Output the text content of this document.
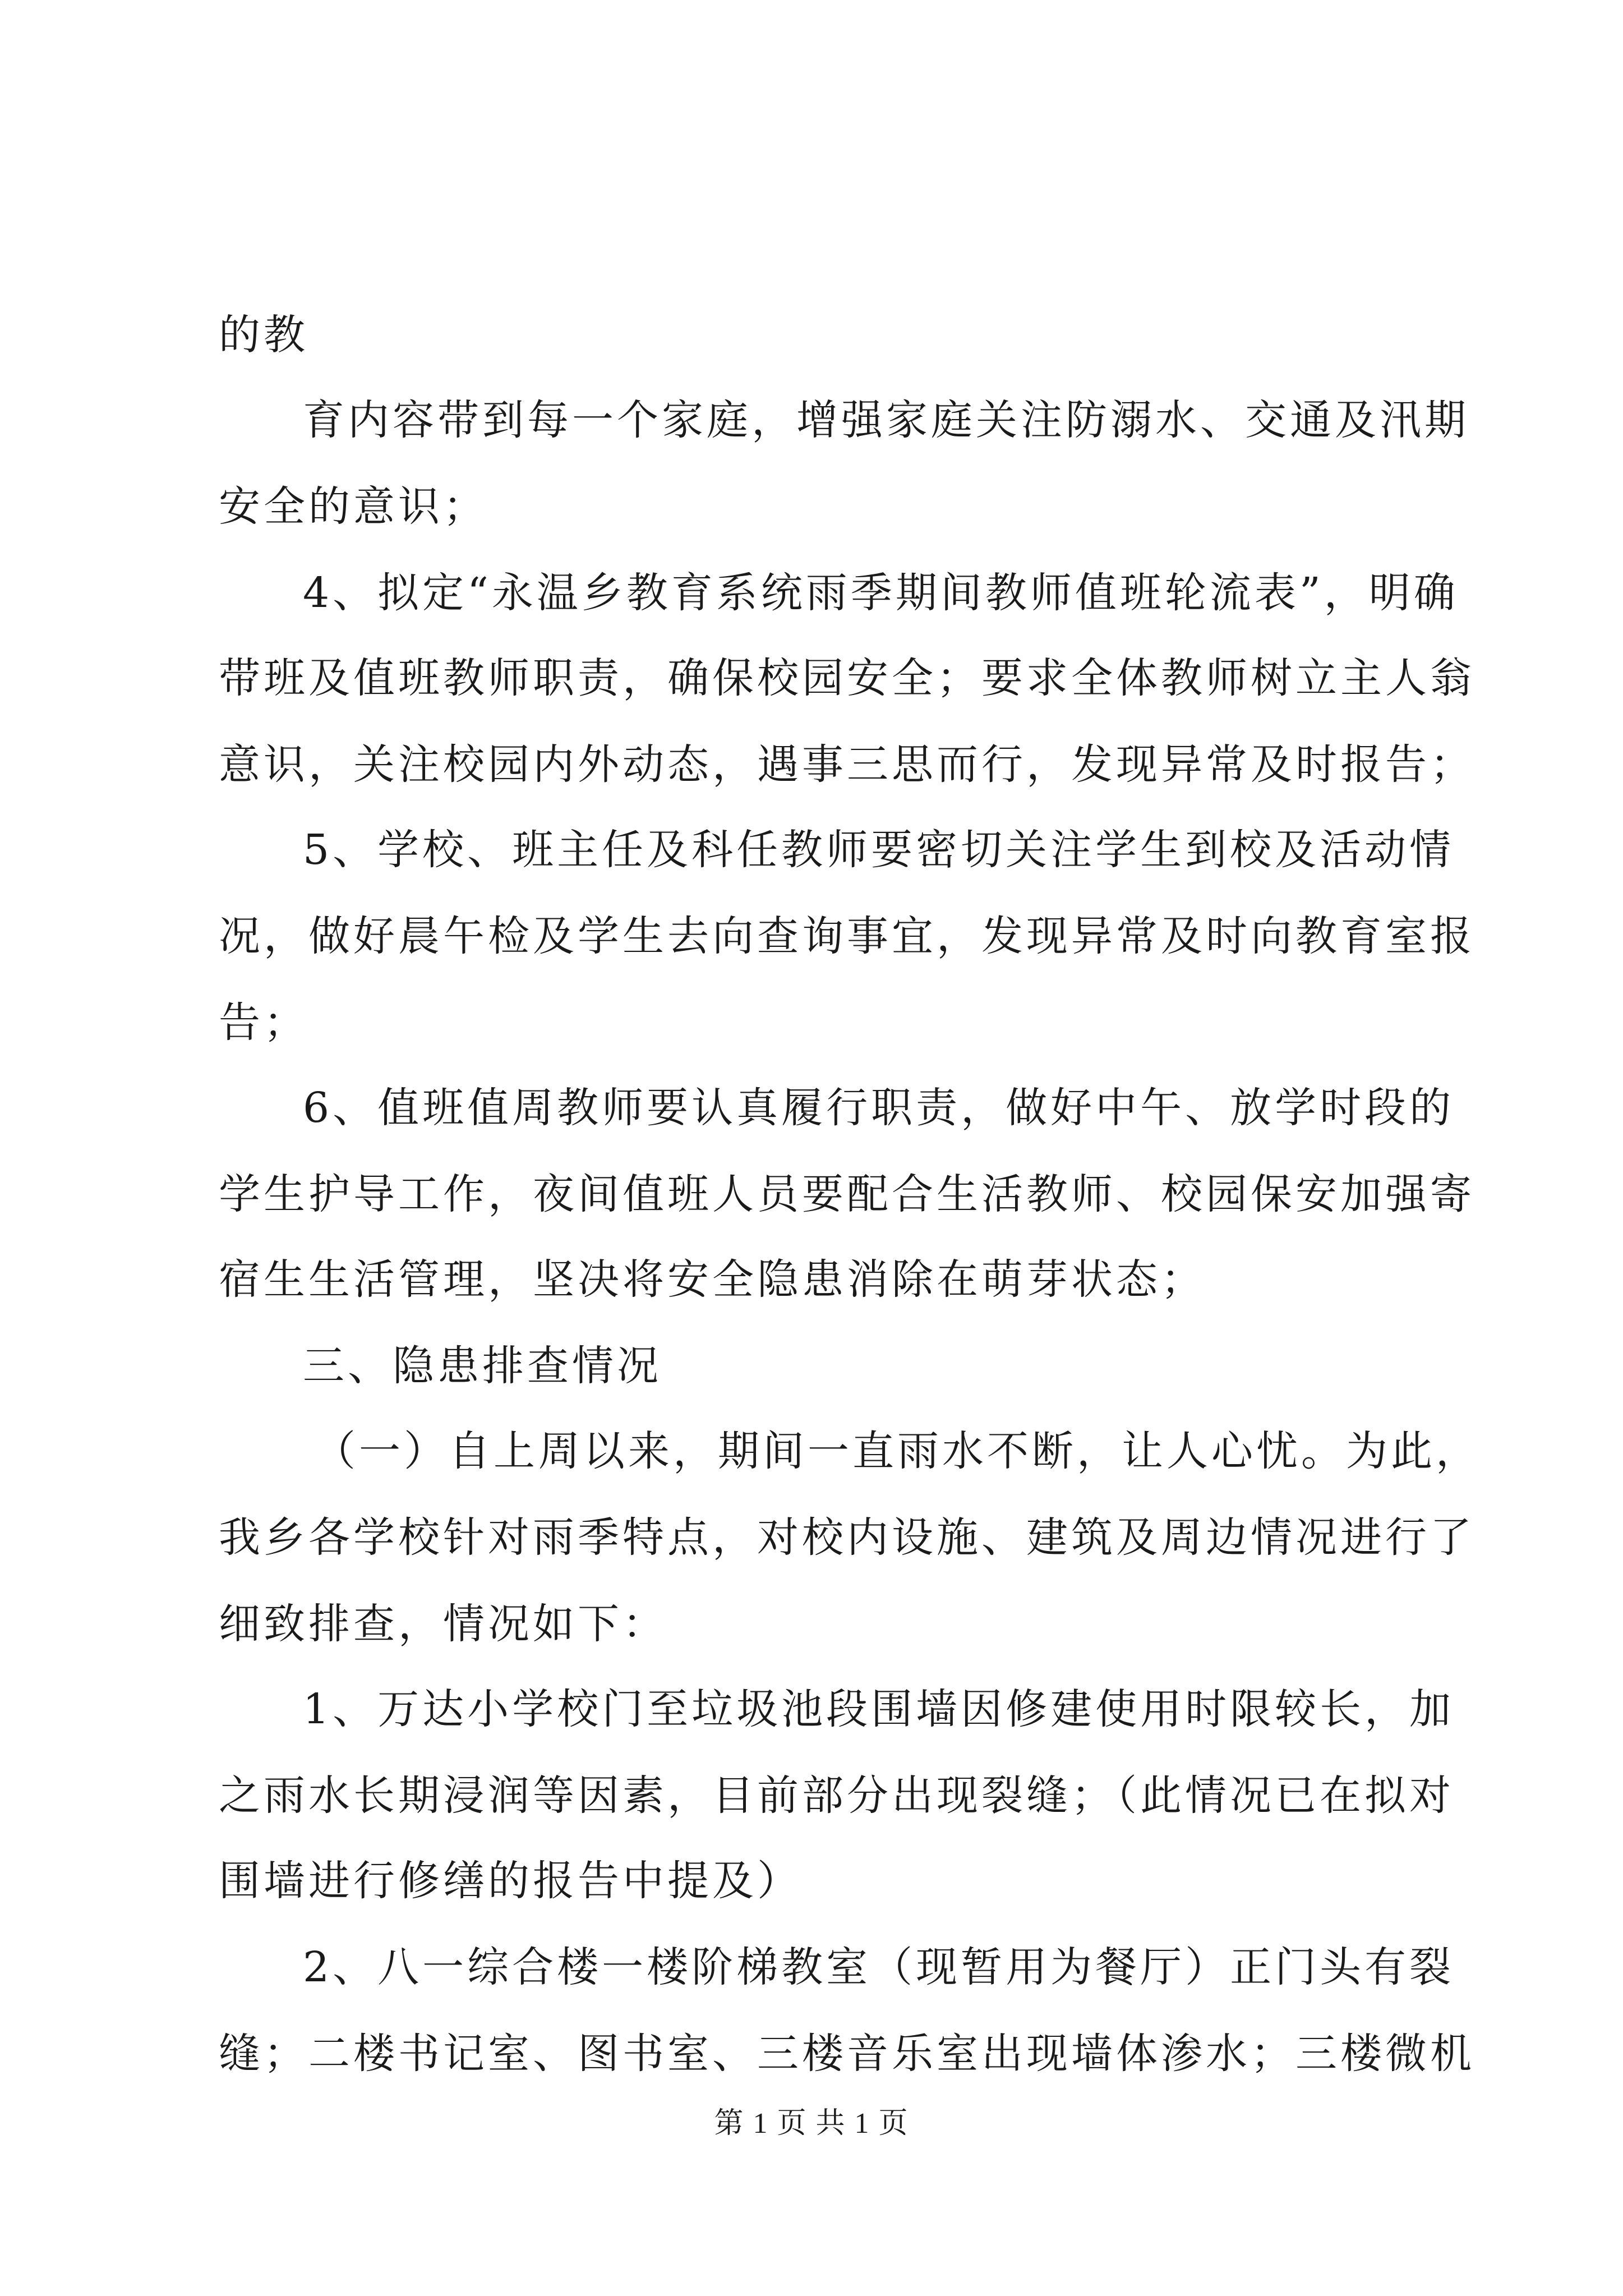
的教
育内容带到每一个家庭，增强家庭关注防溺水、交通及汛期
安全的意识；
4、拟定“永温乡教育系统雨季期间教师值班轮流表”，明确
带班及值班教师职责，确保校园安全；要求全体教师树立主人翁
意识，关注校园内外动态，遇事三思而行，发现异常及时报告；
5、学校、班主任及科任教师要密切关注学生到校及活动情
况，做好晨午检及学生去向查询事宜，发现异常及时向教育室报
告；
6、值班值周教师要认真履行职责，做好中午、放学时段的
学生护导工作，夜间值班人员要配合生活教师、校园保安加强寄
宿生生活管理，坚决将安全隐患消除在萌芽状态；
三、隐患排查情况
（一）自上周以来，期间一直雨水不断，让人心忧。为此，
我乡各学校针对雨季特点，对校内设施、建筑及周边情况进行了
细致排查，情况如下：
1、万达小学校门至垃圾池段围墙因修建使用时限较长，加
之雨水长期浸润等因素，目前部分出现裂缝；（此情况已在拟对
围墙进行修缮的报告中提及）
2、八一综合楼一楼阶梯教室（现暂用为餐厅）正门头有裂
缝；二楼书记室、图书室、三楼音乐室出现墙体渗水；三楼微机
第 1 页 共 1 页
